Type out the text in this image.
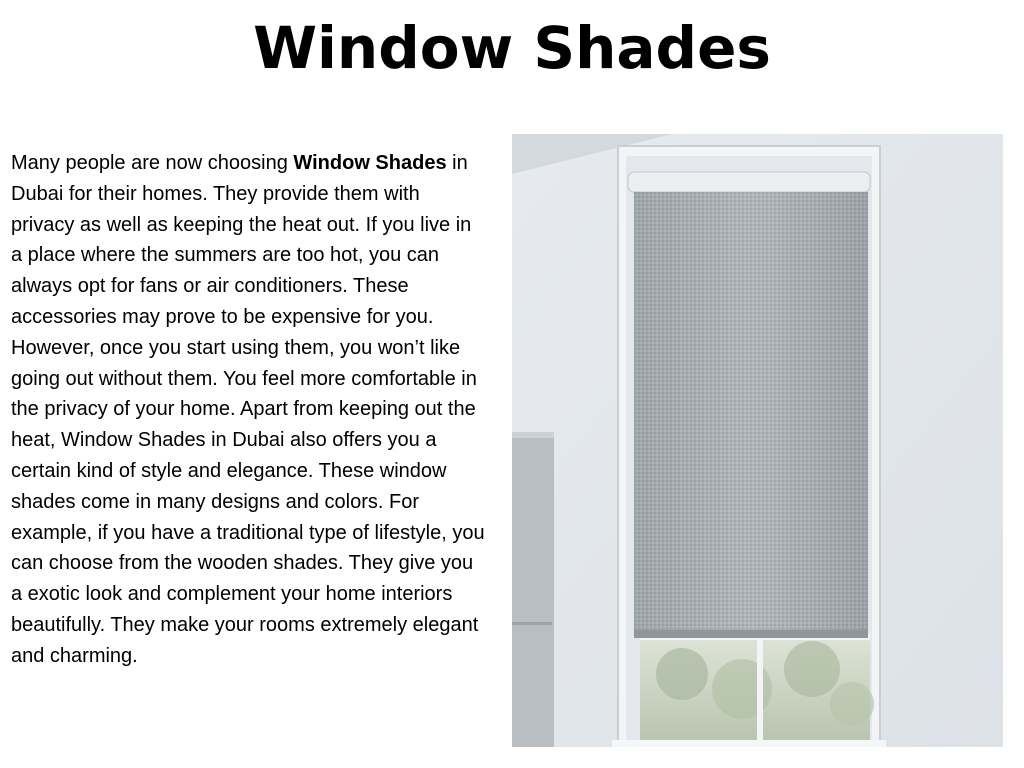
Window Shades

Many people are now choosing Window Shades in Dubai for their homes. They provide them with privacy as well as keeping the heat out. If you live in a place where the summers are too hot, you can always opt for fans or air conditioners. These accessories may prove to be expensive for you. However, once you start using them, you won’t like going out without them. You feel more comfortable in the privacy of your home. Apart from keeping out the heat, Window Shades in Dubai also offers you a certain kind of style and elegance. These window shades come in many designs and colors. For example, if you have a traditional type of lifestyle, you can choose from the wooden shades. They give you a exotic look and complement your home interiors beautifully. They make your rooms extremely elegant and charming.
